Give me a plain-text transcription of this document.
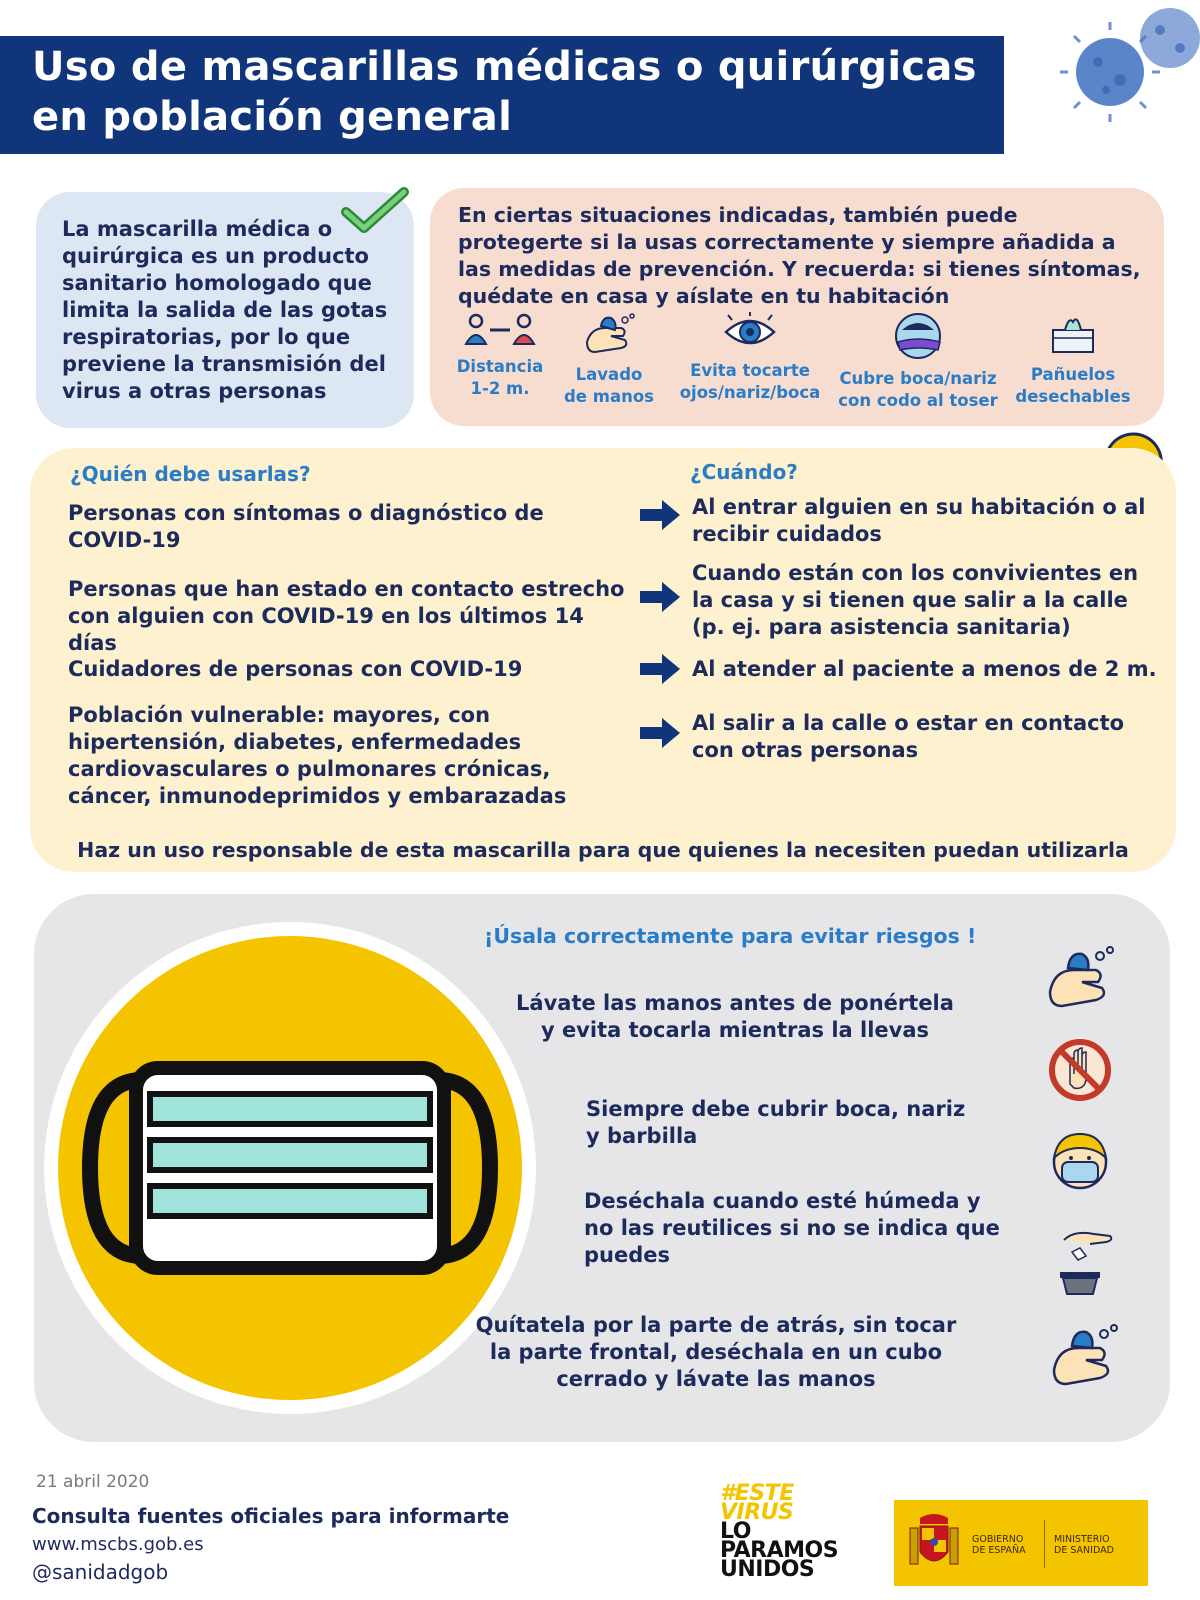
Uso de mascarillas médicas o quirúrgicas
en población general
La mascarilla médica o quirúrgica es un producto sanitario homologado que limita la salida de las gotas respiratorias, por lo que previene la transmisión del virus a otras personas
En ciertas situaciones indicadas, también puede protegerte si la usas correctamente y siempre añadida a las medidas de prevención. Y recuerda: si tienes síntomas, quédate en casa y aíslate en tu habitación
Distancia
1-2 m.
Lavado
de manos
Evita tocarte
ojos/nariz/boca
Cubre boca/nariz
con codo al toser
Pañuelos
desechables
¿Quién debe usarlas?	¿Cuándo?
Personas con síntomas o diagnóstico de COVID-19
Al entrar alguien en su habitación o al recibir cuidados
Personas que han estado en contacto estrecho con alguien con COVID-19 en los últimos 14 días
Cuando están con los convivientes en la casa y si tienen que salir a la calle (p. ej. para asistencia sanitaria)
Cuidadores de personas con COVID-19	Al atender al paciente a menos de 2 m.
Población vulnerable: mayores, con hipertensión, diabetes, enfermedades cardiovasculares o pulmonares crónicas, cáncer, inmunodeprimidos y embarazadas
Al salir a la calle o estar en contacto con otras personas
Haz un uso responsable de esta mascarilla para que quienes la necesiten puedan utilizarla
¡Úsala correctamente para evitar riesgos !
Lávate las manos antes de ponértela y evita tocarla mientras la llevas
Siempre debe cubrir boca, nariz y barbilla
Deséchala cuando esté húmeda y no las reutilices si no se indica que puedes
Quítatela por la parte de atrás, sin tocar la parte frontal, deséchala en un cubo cerrado y lávate las manos
21 abril 2020
Consulta fuentes oficiales para informarte
www.mscbs.gob.es
@sanidadgob
#ESTE
VIRUS
LO
PARAMOS
UNIDOS
GOBIERNO
DE ESPAÑA
MINISTERIO
DE SANIDAD
